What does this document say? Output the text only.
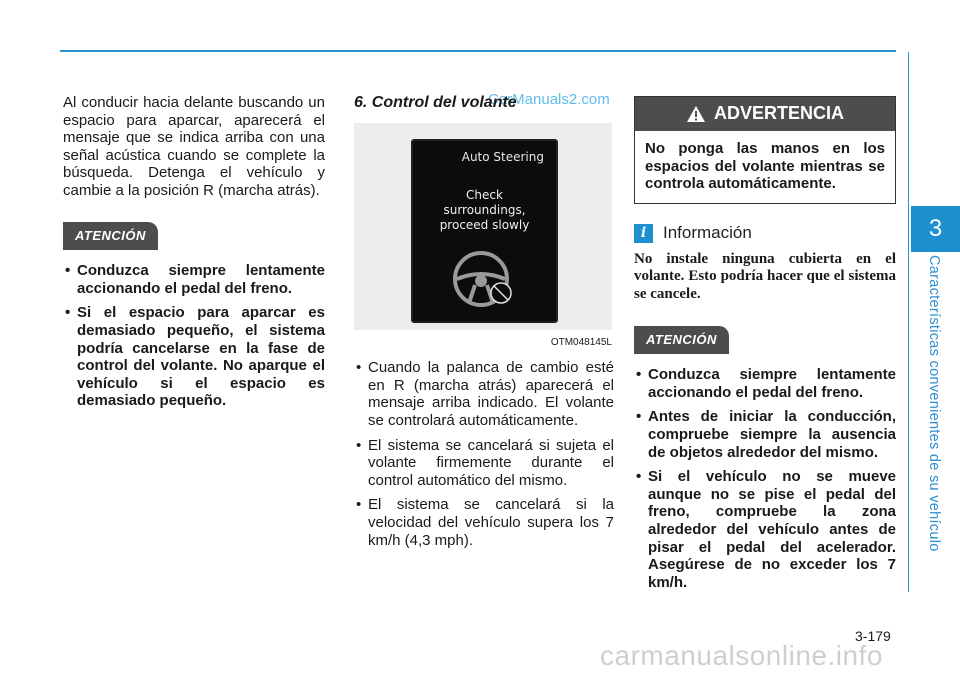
3
Características convenientes de su vehículo
CarManuals2.com

Al conducir hacia delante buscando un espacio para aparcar, aparecerá el mensaje que se indica arriba con una señal acústica cuando se complete la búsqueda. Detenga el vehículo y cambie a la posición R (marcha atrás).

ATENCIÓN
• Conduzca siempre lentamente accionando el pedal del freno.
• Si el espacio para aparcar es demasiado pequeño, el sistema podría cancelarse en la fase de control del volante. No aparque el vehículo si el espacio es demasiado pequeño.
6. Control del volante
Auto Steering
Check
surroundings,
proceed slowly
OTM048145L
• Cuando la palanca de cambio esté en R (marcha atrás) aparecerá el mensaje arriba indicado. El volante se controlará automáticamente.
• El sistema se cancelará si sujeta el volante firmemente durante el control automático del mismo.
• El sistema se cancelará si la velocidad del vehículo supera los 7 km/h (4,3 mph).
ADVERTENCIA
No ponga las manos en los espacios del volante mientras se controla automáticamente.
i Información
No instale ninguna cubierta en el volante. Esto podría hacer que el sistema se cancele.
ATENCIÓN
• Conduzca siempre lentamente accionando el pedal del freno.
• Antes de iniciar la conducción, compruebe siempre la ausencia de objetos alrededor del mismo.
• Si el vehículo no se mueve aunque no se pise el pedal del freno, compruebe la zona alrededor del vehículo antes de pisar el pedal del acelerador. Asegúrese de no exceder los 7 km/h.
3-179
carmanualsonline.info
